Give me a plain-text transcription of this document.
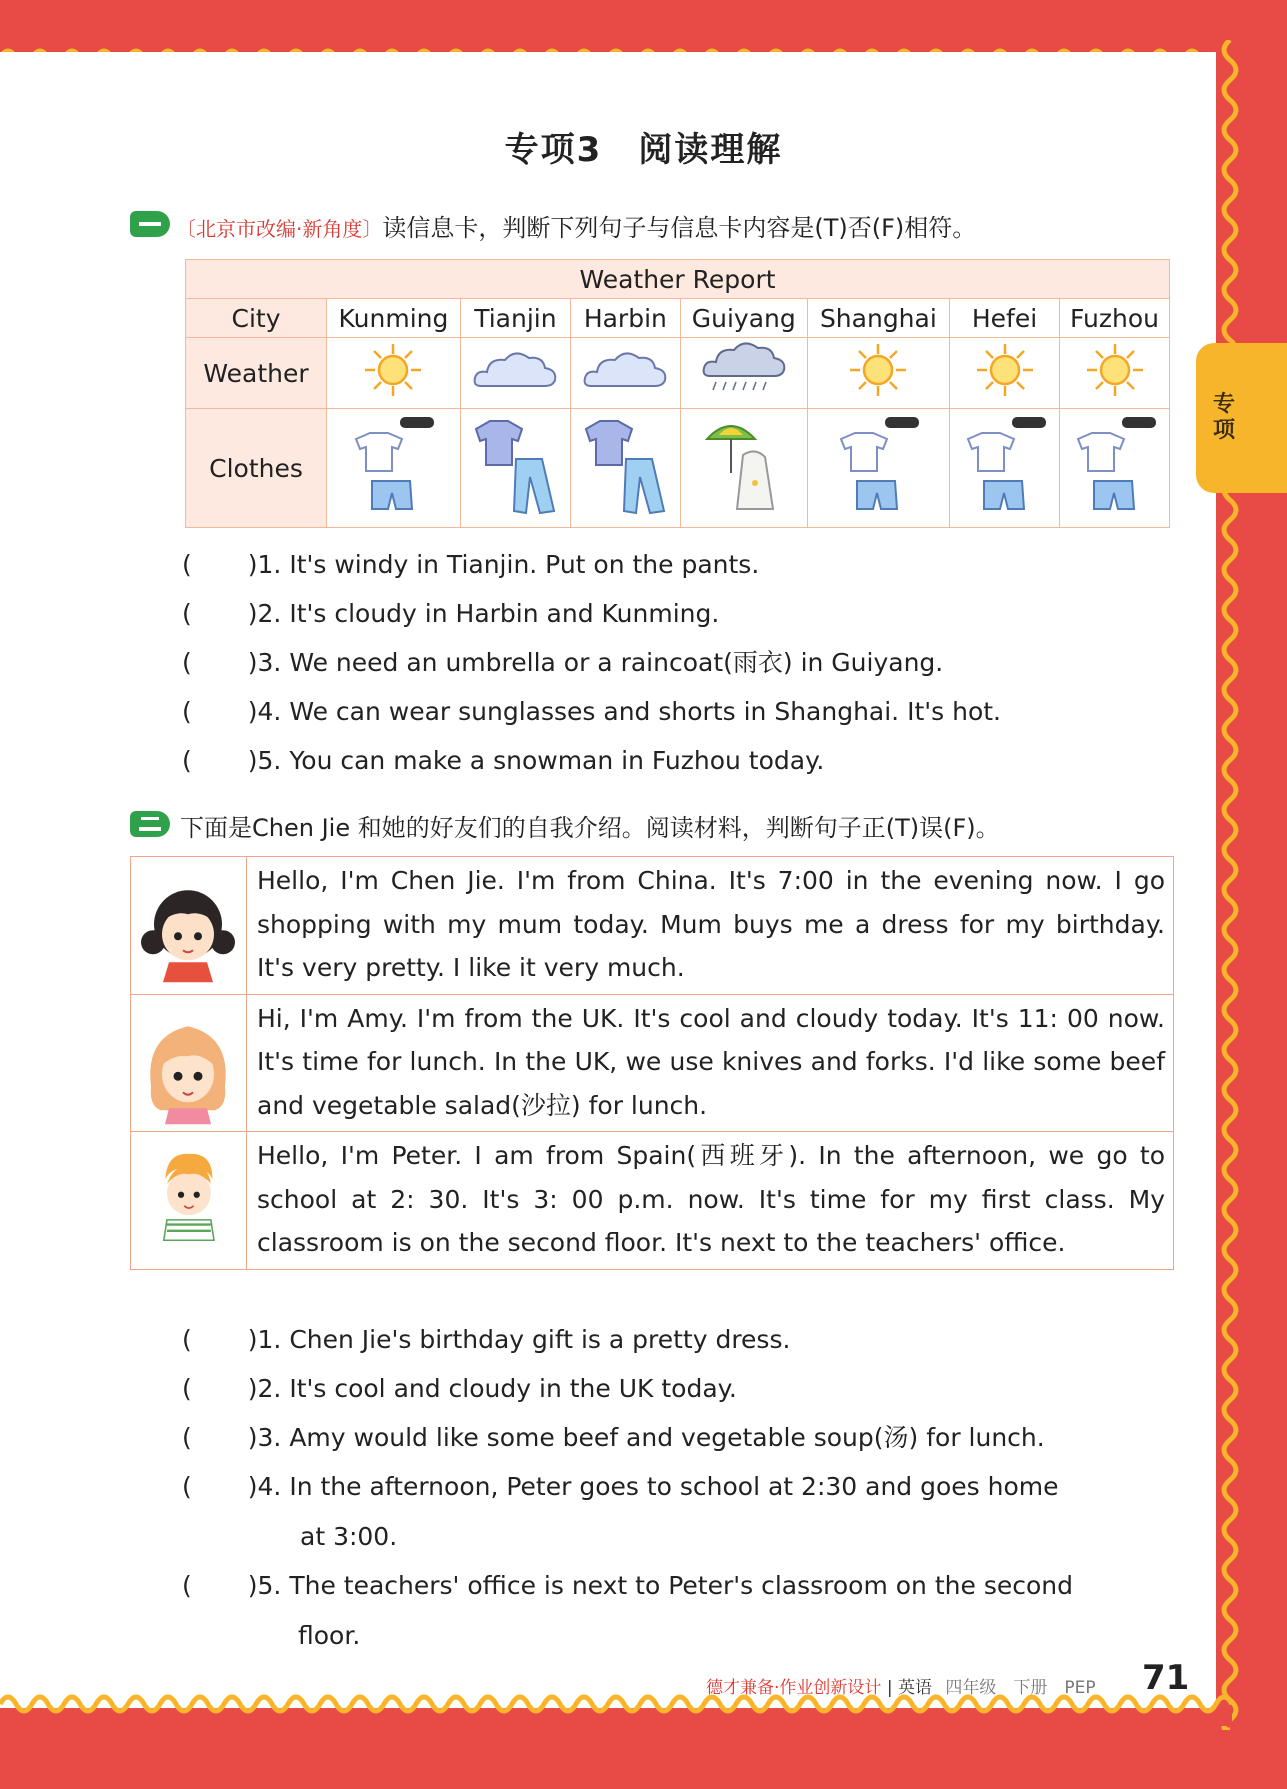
专项
专项3　阅读理解
〔北京市改编·新角度〕读信息卡，判断下列句子与信息卡内容是(T)否(F)相符。
Weather Report							
City	Kunming	Tianjin	Harbin	Guiyang	Shanghai	Hefei	Fuzhou
Weather							
Clothes							
( )1. It's windy in Tianjin. Put on the pants.
( )2. It's cloudy in Harbin and Kunming.
( )3. We need an umbrella or a raincoat(雨衣) in Guiyang.
( )4. We can wear sunglasses and shorts in Shanghai. It's hot.
( )5. You can make a snowman in Fuzhou today.
下面是Chen Jie 和她的好友们的自我介绍。阅读材料，判断句子正(T)误(F)。
Hello, I'm Chen Jie. I'm from China. It's 7:00 in the evening now. I go shopping with my mum today. Mum buys me a dress for my birthday. It's very pretty. I like it very much.
Hi, I'm Amy. I'm from the UK. It's cool and cloudy today. It's 11: 00 now. It's time for lunch. In the UK, we use knives and forks. I'd like some beef and vegetable salad(沙拉) for lunch.
Hello, I'm Peter. I am from Spain(西班牙). In the afternoon, we go to school at 2: 30. It's 3: 00 p.m. now. It's time for my first class. My classroom is on the second floor. It's next to the teachers' office.
( )1. Chen Jie's birthday gift is a pretty dress.
( )2. It's cool and cloudy in the UK today.
( )3. Amy would like some beef and vegetable soup(汤) for lunch.
( )4. In the afternoon, Peter goes to school at 2:30 and goes home
at 3:00.
( )5. The teachers' office is next to Peter's classroom on the second
floor.
德才兼备·作业创新设计 | 英语 四年级　下册　PEP 71
